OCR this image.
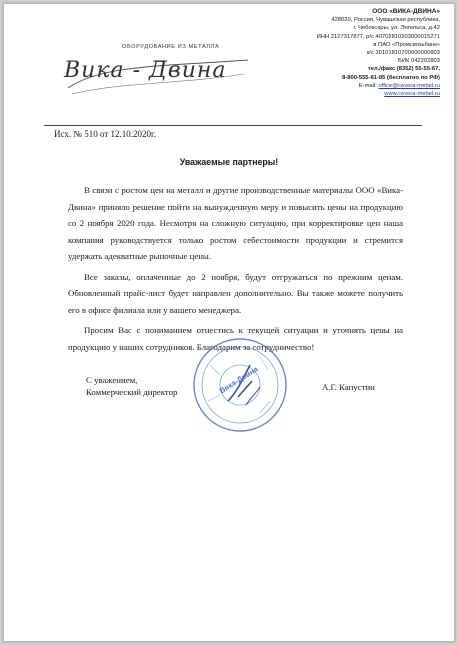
ОБОРУДОВАНИЕ ИЗ МЕТАЛЛА
Вика - Двина
ООО «ВИКА-ДВИНА»
428020, Россия, Чувашская республика,
г. Чебоксары, ул. Энгельса, д.42
ИНН 2127317877, р/с 40702810203000015271
в ПАО «Промсвязьбанк»
к/с 30101810700000000803
БИК 042202803
тел./факс (8352) 55-55-67,
8-800-555-81-85 (бесплатно по РФ)
E-mail: office@cevera-mebel.ru
www.cevera-mebel.ru
Исх. № 510 от 12.10.2020г.
Уважаемые партнеры!

В связи с ростом цен на металл и другие производственные материалы ООО «Вика-Двина» приняло решение пойти на вынужденную меру и повысить цены на продукцию со 2 ноября 2020 года. Несмотря на сложную ситуацию, при корректировке цен наша компания руководствуется только ростом себестоимости продукции и стремится удержать адекватные рыночные цены.

Все заказы, оплаченные до 2 ноября, будут отгружаться по прежним ценам. Обновленный прайс-лист будет направлен дополнительно. Вы также можете получить его в офисе филиала или у вашего менеджера.

Просим Вас с пониманием отнестись к текущей ситуации и уточнять цены на продукцию у наших сотрудников. Благодарим за сотрудничество!

С уважением,
Коммерческий директор	Вика-Двина	А.Г. Капустин
